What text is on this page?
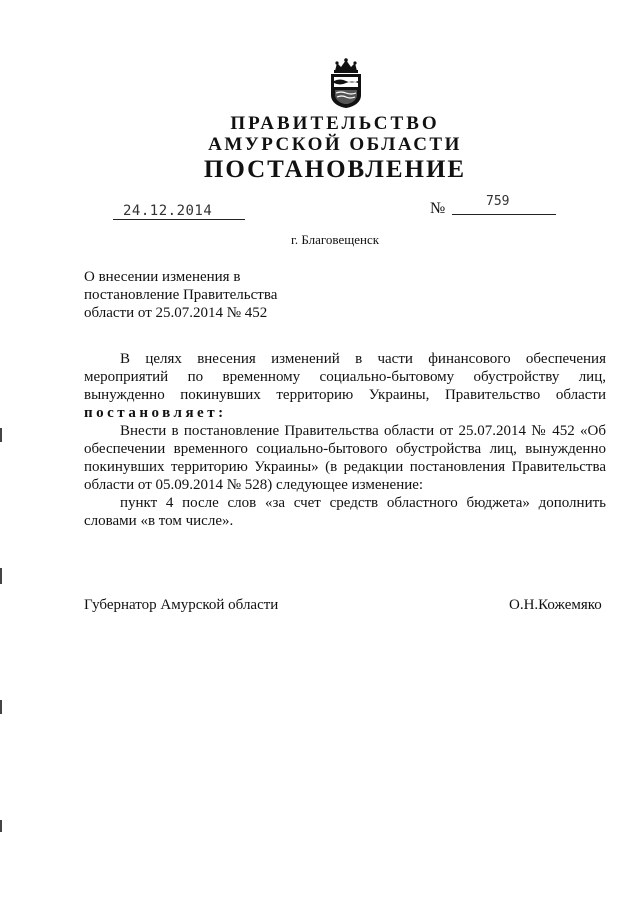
ПРАВИТЕЛЬСТВО
АМУРСКОЙ ОБЛАСТИ
ПОСТАНОВЛЕНИЕ
24.12.2014	№	759
г. Благовещенск
О внесении изменения в
постановление Правительства
области от 25.07.2014 № 452
В целях внесения изменений в части финансового обеспечения
мероприятий по временному социально-бытовому обустройству лиц,
вынужденно покинувших территорию Украины, Правительство области
постановляет:
Внести в постановление Правительства области от 25.07.2014 № 452 «Об
обеспечении временного социально-бытового обустройства лиц, вынужденно
покинувших территорию Украины» (в редакции постановления Правительства
области от 05.09.2014 № 528) следующее изменение:
пункт 4 после слов «за счет средств областного бюджета» дополнить
словами «в том числе».
Губернатор Амурской области	О.Н.Кожемяко
